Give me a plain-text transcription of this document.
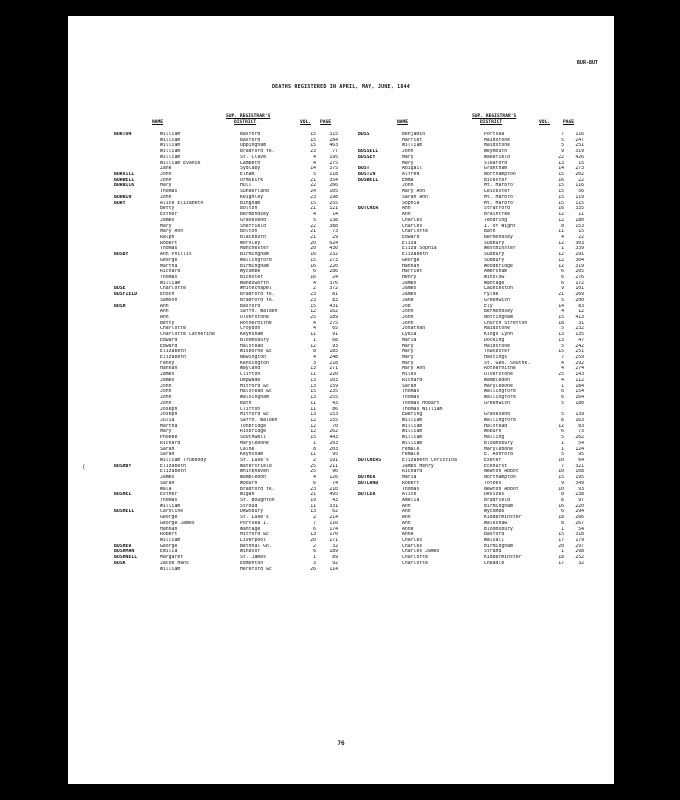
BUR-BUT
DEATHS REGISTERED IN APRIL, MAY, JUNE, 1844
NAME
SUP. REGISTRAR'S
DISTRICT	VOL. PAGE	NAME
SUP. REGISTRAR'S
DISTRICT	VOL.	PAGE
BURTON	William	Basford	15	315
William	Basford	15	284
William	Uppingham	15	463
William	Bradford Yk.	23	77
William	St. Clave	4	195
William Evance	Lambeth	4	275
Zane	Sydlaby	14	375
BURVILL	John	Elham	5	118
BURWELL	John	Ormskirk	21	354
BURWICK	Mary	Hull	22	266
Thomas	Sunderland	24	105
BURWIN	John	Keighley	23	198
BURY	Alice Elizabeth	Bingham	15	255
Betty	Bolton	21	121
Esther	Bermondsey	4	14
James	Gravesend	5	138
Mary	Sheffield	22	388
Mary Ann	Bolton	21	73
Ralph	Blackburn	21	29
Robert	Worsley	20	624
Thomas	Manchester	20	430
BUSBY	Ann Phillis	Birmingham	16	232
George	Wallingford	15	273
Martha	Birmingham	16	220
Richard	Wycombe	6	286
Thomas	Bicester	16	24
William	Wandsworth	4	376
BUSE	Charlotte	Whitechapel	2	372
BUSFIELD	Enoch	Bradford Yk.	23	81
Samson	Bradford Yk.	23	83
BUSH	Ann	Basford	15	431
Ann	Saffn. Walden	12	162
Ann	Ulverstone	25	189
Betty	Rotherhithe	4	275
Charlotte	Croydon	4	65
Charlotte Catherine	Keynsham	11	91
Edward	Bloomsbury	1	68
Edward	Halstead	12	93
Elizabeth	Wisborne &c	8	185
Elizabeth	Newington	4	248
Fanny	Kensington	3	218
Hannah	Wayland	13	271
James	Clifton	11	220
James	Depwade	13	103
John	Mitford &c	13	159
John	Halstead &c	15	235
John	Walsingham	13	255
John	Bath	11	43
Joseph	Clifton	11	86
Joseph	Mitford &c	13	153
Julia	Saffn. Walden	12	155
Martha	Tonbridge	12	70
Mary	Risbridge	12	262
Phoebe	Southwell	15	443
Richard	Marylebone	1	203
Sarah	Calne	8	203
Sarah	Keynsham	11	95
William Truebody	St. Luke's	2	191
BUSHBY	Elizabeth	Watersfield	25	211
Elizabeth	Whitehaven	25	96
James	Wambledon	4	126
Sarah	Woburn	6	74
Wala	Bradford Yk.	23	210
BUSHEL	Esther	Wigan	21	495
Thomas	St. Boughton	19	43
William	Stroud	11	331
BUSHELL	Caroline	Dewsbury	13	62
George	St. Luke's	2	214
George James	Portsea I.	7	110
Hannah	Wantage	6	174
Robert	Mitford &c	13	170
William	Liverpool	20	271
BUSHER	George	Bethnal Gn.	2	32
BUSHMAN	Emilia	Windsor	6	189
BUSHNELL	Margaret	St. James	1	89
BUSK	Jacob Hans	Edmonton	3	92
William	Hereford &c	26	114
BUSS	Benjamin	Portsea	7	116
Harriet	Maidstone	5	247
William	Maidstone	5	251
BUSSELL	John	Weymouth	9	319
BUSSEY	Mary	Wakefield	22	426
Mary	Sleaford	13	15
BUST	Abigail	Grantham	14	273
BUSTIN	Alfred	Northampton	15	202
BUSWELL	Emma	Bicester	16	22
John	Mt. Harbro'	15	116
Mary Ann	Leicester	15	56
Sarah Ann	Mt. Harbro'	15	119
Sophia	Mt. Harbro'	15	115
BUTCHER	Ann	Stratford	16	335
Ann	Braintree	12	11
Charles	Tendring	12	180
Charles	I. of Wight	8	153
Charlotte	Bath	11	15
Edward	Bermondsey	4	22
Eliza	Sudbury	12	303
Eliza Sophia	Westminster	1	339
Elizabeth	Sudbury	12	291
George	Sudbury	12	304
Hannah	Woodbridge	12	319
Harriet	Amersham	6	205
Henry	Winslow	6	276
James	Wantage	6	172
James	Launceston	9	101
James	Fylde	21	269
Jane	Greenwich	5	200
Job	Ely	14	83
John	Bermondsey	4	12
John	Nottingham	15	413
John	Church Stretton	18	31
Jonathan	Maidstone	5	232
Lydia	Kings Lynn	13	135
Maria	Docking	13	47
Mary	Maidstone	5	242
Mary	Towcester	15	251
Mary	Hastings	7	259
Mary	St. Geo. Southk.	4	292
Mary Ann	Rotherhithe	4	274
Miles	Ulverstone	25	143
Richard	Wambledon	4	112
Sarah	Marylebone	1	184
Thomas	Wallingford	6	154
Thomas	Wallingford	6	164
Thomas Hobart	Greenwich	5	180
Thomas William
Ewering	Gravesend	5	139
William	Wallingford	6	163
William	Halstead	12	83
William	Woburn	6	73
William	Malling	5	262
William	Bloomsbury	1	54
Female	Marylebone	1	124
Female	E. Ashford	5	95
BUTCHERS	Elizabeth Christina	Exeter	10	64
James Henry	Eckhurst	7	321
Richard	Newton Abbot	10	108
BUTHER	Maria	Northampton	15	195
BUTLAND	Robert	Totnes	9	349
Thomas	Newton Abbot	10	93
BUTLER	Alice	Devizes	8	238
Amelia	Bradfield	6	97
Ann	Birmingham	16	220
Ann	Wycombe	6	294
Ann	Kidderminster	18	266
Ann	Walkshaw	8	267
Anne	Bloomsbury	1	54
Anne	Basford	15	318
Charles	Walsall	17	179
Charles	Birmingham	20	297
Charles James	Strand	1	298
Charlotte	Kidderminster	18	252
Charlotte	Cheadle	17	32
(
76
